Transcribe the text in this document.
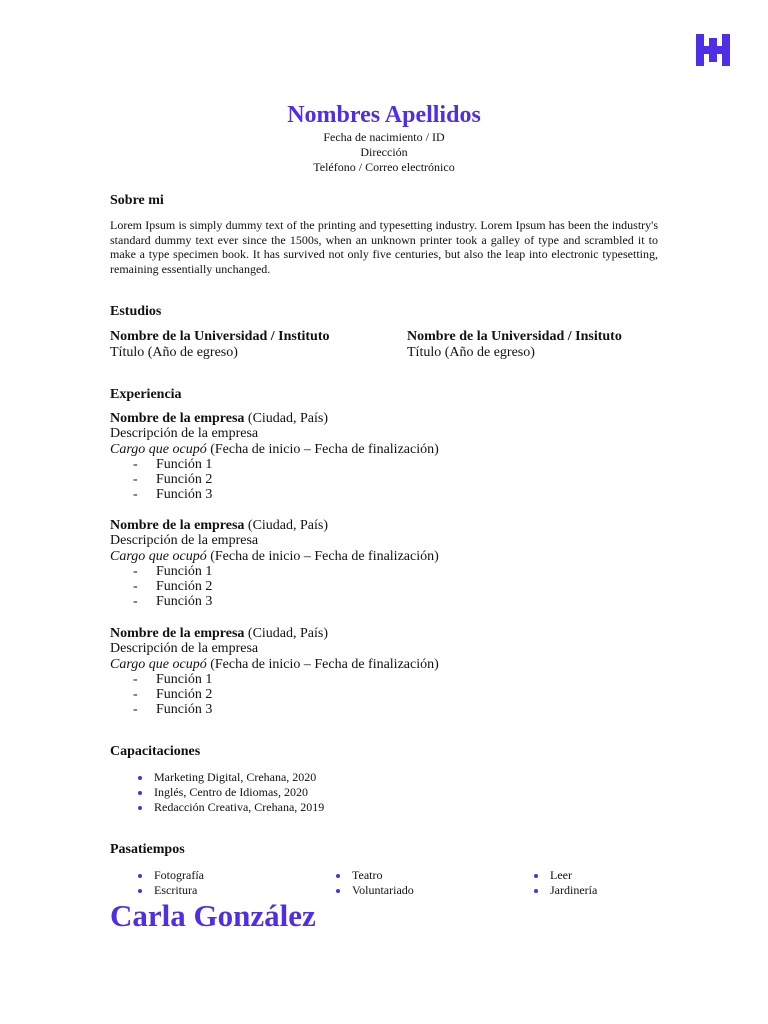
Nombres Apellidos
Fecha de nacimiento / ID
Dirección
Teléfono / Correo electrónico
Sobre mi
Lorem Ipsum is simply dummy text of the printing and typesetting industry. Lorem Ipsum has been the industry's standard dummy text ever since the 1500s, when an unknown printer took a galley of type and scrambled it to make a type specimen book. It has survived not only five centuries, but also the leap into electronic typesetting, remaining essentially unchanged.
Estudios
Nombre de la Universidad / Instituto
Título (Año de egreso)
Nombre de la Universidad / Insituto
Título (Año de egreso)
Experiencia
Nombre de la empresa (Ciudad, País)
Descripción de la empresa
Cargo que ocupó (Fecha de inicio – Fecha de finalización)
- Función 1
- Función 2
- Función 3
Nombre de la empresa (Ciudad, País)
Descripción de la empresa
Cargo que ocupó (Fecha de inicio – Fecha de finalización)
- Función 1
- Función 2
- Función 3
Nombre de la empresa (Ciudad, País)
Descripción de la empresa
Cargo que ocupó (Fecha de inicio – Fecha de finalización)
- Función 1
- Función 2
- Función 3
Capacitaciones
Marketing Digital, Crehana, 2020
Inglés, Centro de Idiomas, 2020
Redacción Creativa, Crehana, 2019
Pasatiempos
Fotografía
Escritura
Teatro
Voluntariado
Leer
Jardinería
Carla González
